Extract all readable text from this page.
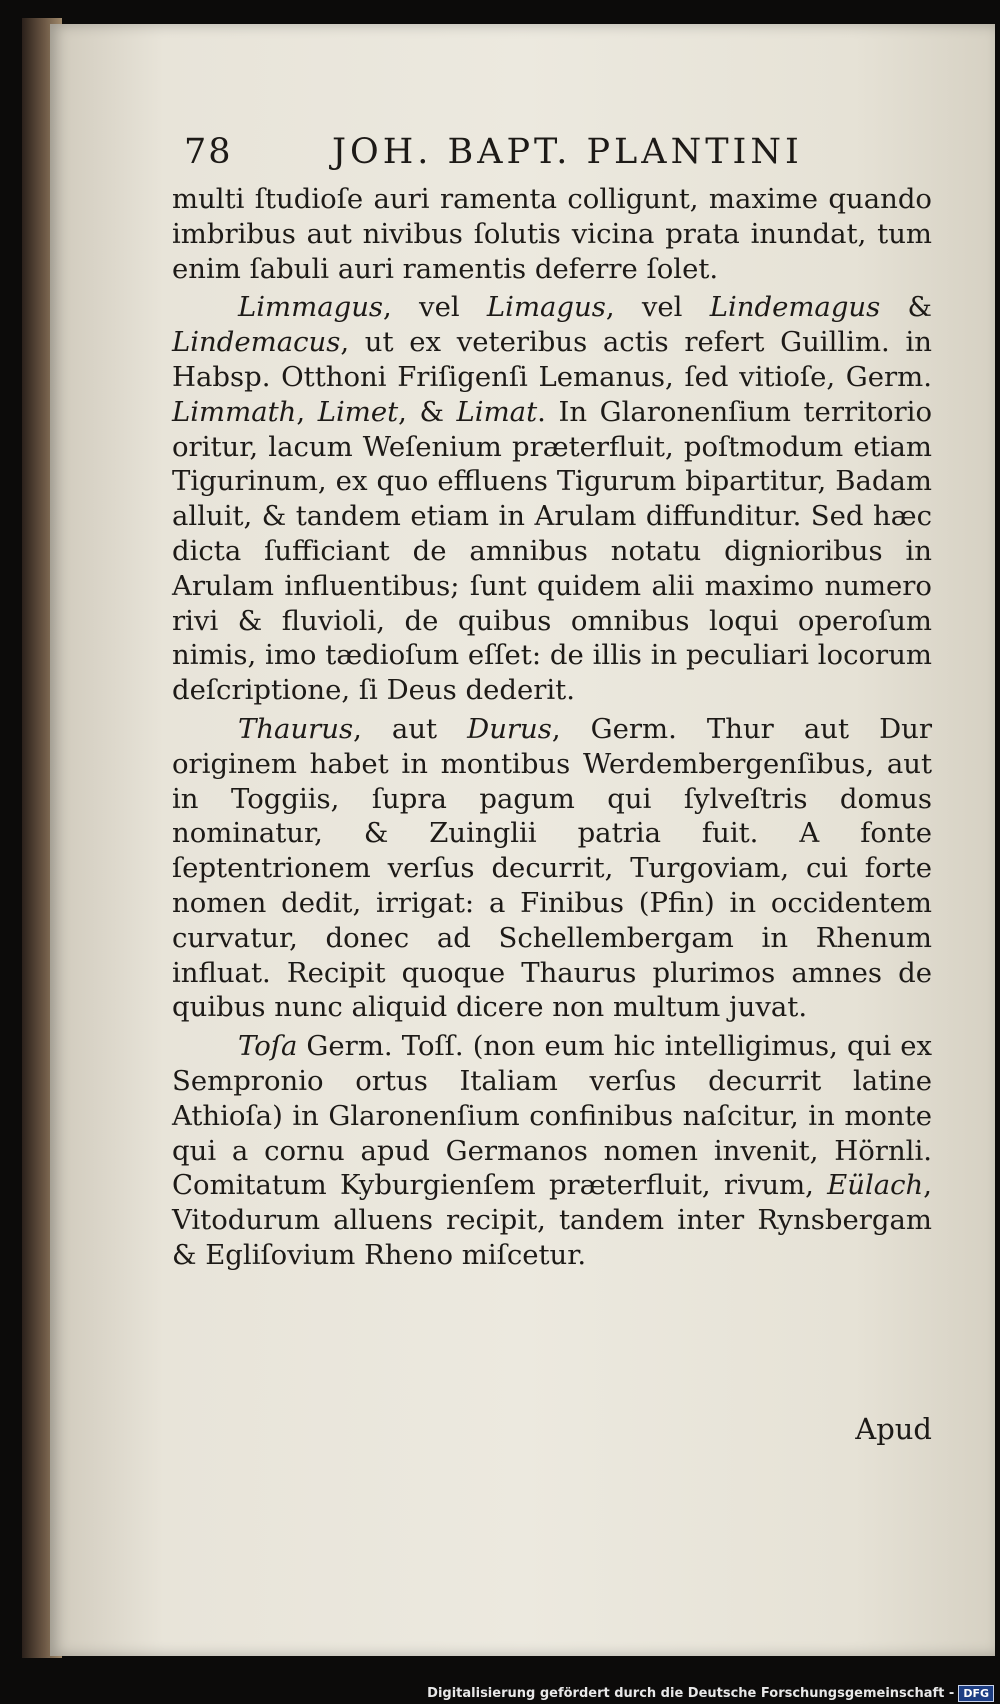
78	JOH. BAPT. PLANTINI

multi ſtudioſe auri ramenta colligunt, maxime quando imbribus aut nivibus ſolutis vicina prata inundat, tum enim ſabuli auri ramentis deferre ſolet.

Limmagus, vel Limagus, vel Lindemagus & Lindemacus, ut ex veteribus actis refert Guillim. in Habsp. Otthoni Friſigenſi Lemanus, ſed vitioſe, Germ. Limmath, Limet, & Limat. In Glaronenſium territorio oritur, lacum Weſenium præterfluit, poſtmodum etiam Tigurinum, ex quo effluens Tigurum bipartitur, Badam alluit, & tandem etiam in Arulam diffunditur. Sed hæc dicta ſufficiant de amnibus notatu dignioribus in Arulam influentibus; ſunt quidem alii maximo numero rivi & fluvioli, de quibus omnibus loqui operoſum nimis, imo tædioſum eſſet: de illis in peculiari locorum deſcriptione, ſi Deus dederit.

Thaurus, aut Durus, Germ. Thur aut Dur originem habet in montibus Werdembergenſibus, aut in Toggiis, ſupra pagum qui ſylveſtris domus nominatur, & Zuinglii patria fuit. A fonte ſeptentrionem verſus decurrit, Turgoviam, cui forte nomen dedit, irrigat: a Finibus (Pfin) in occidentem curvatur, donec ad Schellembergam in Rhenum influat. Recipit quoque Thaurus plurimos amnes de quibus nunc aliquid dicere non multum juvat.

Toſa Germ. Toſſ. (non eum hic intelligimus, qui ex Sempronio ortus Italiam verſus decurrit latine Athioſa) in Glaronenſium confinibus naſcitur, in monte qui a cornu apud Germanos nomen invenit, Hörnli. Comitatum Kyburgienſem præterfluit, rivum, Eülach, Vitodurum alluens recipit, tandem inter Rynsbergam & Egliſovium Rheno miſcetur.

Apud
Digitalisierung gefördert durch die Deutsche Forschungsgemeinschaft - DFG
